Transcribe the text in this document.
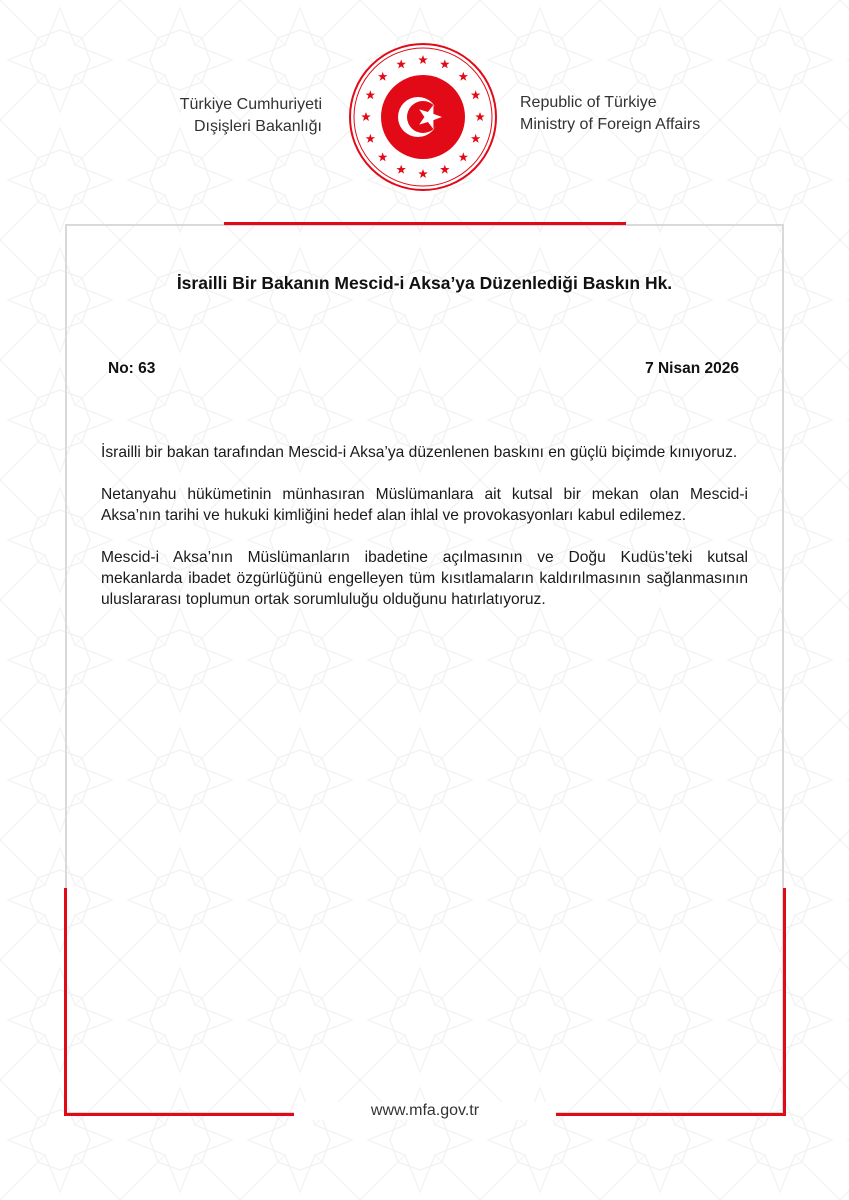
Türkiye Cumhuriyeti
Dışişleri Bakanlığı
Republic of Türkiye
Ministry of Foreign Affairs
İsrailli Bir Bakanın Mescid-i Aksa’ya Düzenlediği Baskın Hk.
No: 63	7 Nisan 2026

İsrailli bir bakan tarafından Mescid-i Aksa’ya düzenlenen baskını en güçlü biçimde kınıyoruz.

Netanyahu hükümetinin münhasıran Müslümanlara ait kutsal bir mekan olan Mescid-i Aksa’nın tarihi ve hukuki kimliğini hedef alan ihlal ve provokasyonları kabul edilemez.

Mescid-i Aksa’nın Müslümanların ibadetine açılmasının ve Doğu Kudüs’teki kutsal mekanlarda ibadet özgürlüğünü engelleyen tüm kısıtlamaların kaldırılmasının sağlanmasının uluslararası toplumun ortak sorumluluğu olduğunu hatırlatıyoruz.

www.mfa.gov.tr
